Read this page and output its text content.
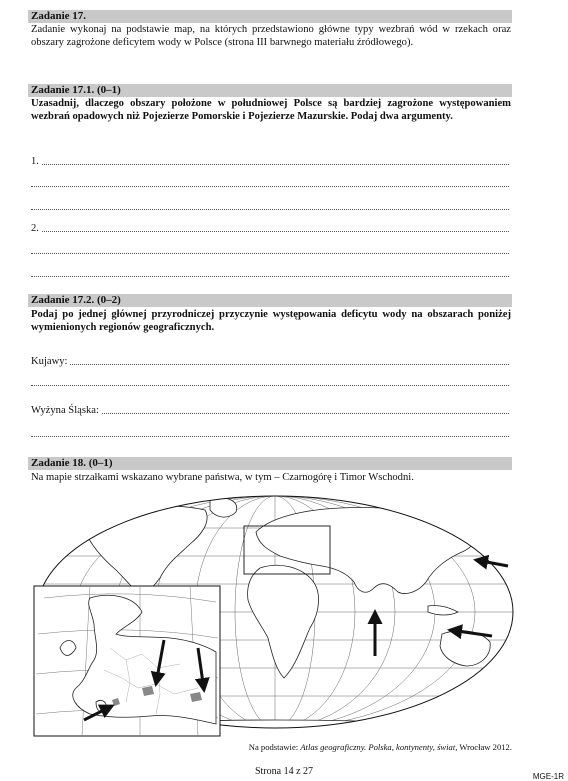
Zadanie 17.
Zadanie wykonaj na podstawie map, na których przedstawiono główne typy wezbrań wód w rzekach oraz obszary zagrożone deficytem wody w Polsce (strona III barwnego materiału źródłowego).
Zadanie 17.1. (0–1)
Uzasadnij, dlaczego obszary położone w południowej Polsce są bardziej zagrożone występowaniem wezbrań opadowych niż Pojezierze Pomorskie i Pojezierze Mazurskie. Podaj dwa argumenty.
1.
2.
Zadanie 17.2. (0–2)
Podaj po jednej głównej przyrodniczej przyczynie występowania deficytu wody na obszarach poniżej wymienionych regionów geograficznych.
Kujawy:
Wyżyna Śląska:
Zadanie 18. (0–1)
Na mapie strzałkami wskazano wybrane państwa, w tym – Czarnogórę i Timor Wschodni.
Na podstawie: Atlas geograficzny. Polska, kontynenty, świat, Wrocław 2012.
Strona 14 z 27	MGE-1R
